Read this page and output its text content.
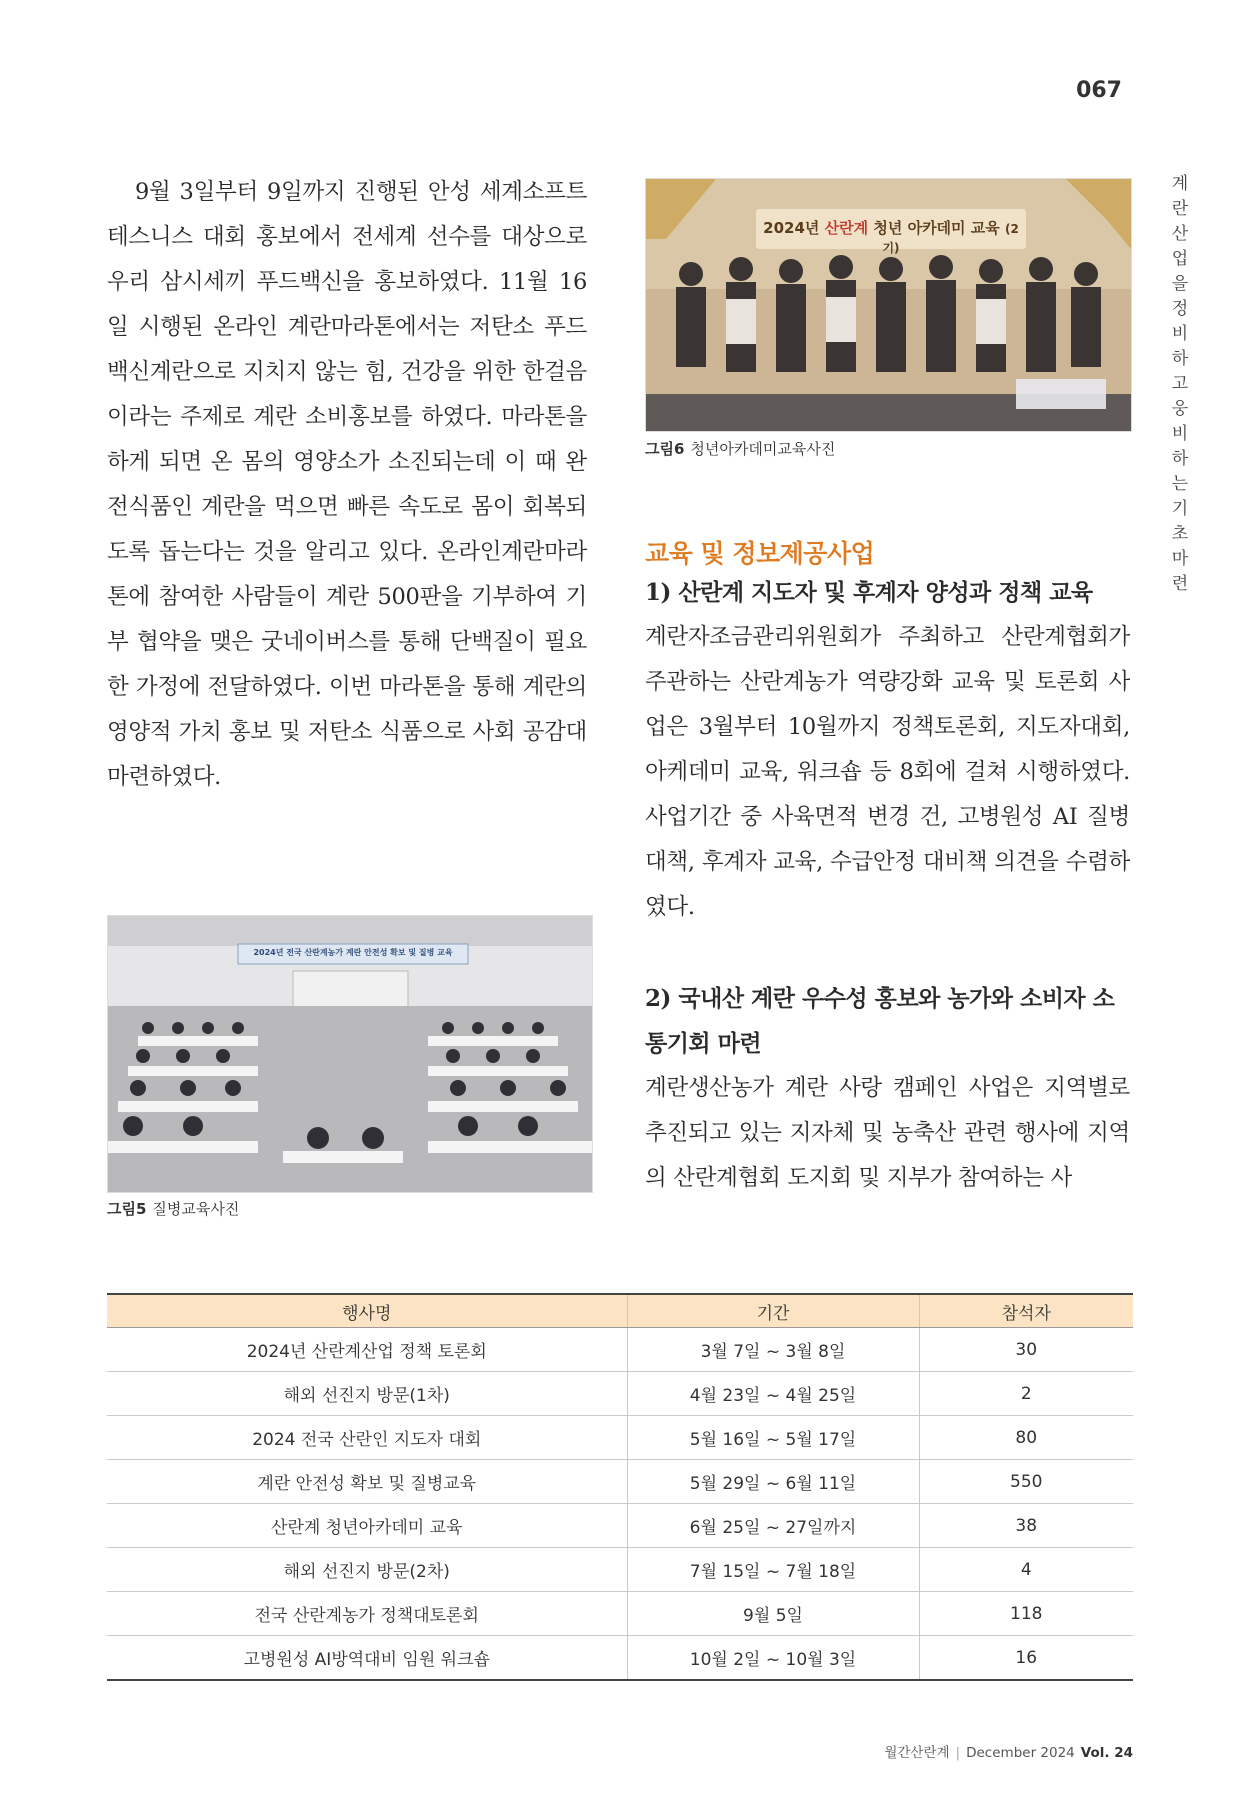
067
계란산업을 정비하고 웅비하는 기초 마련

9월 3일부터 9일까지 진행된 안성 세계소프트테스니스 대회 홍보에서 전세계 선수를 대상으로 우리 삼시세끼 푸드백신을 홍보하였다. 11월 16일 시행된 온라인 계란마라톤에서는 저탄소 푸드백신계란으로 지치지 않는 힘, 건강을 위한 한걸음이라는 주제로 계란 소비홍보를 하였다. 마라톤을 하게 되면 온 몸의 영양소가 소진되는데 이 때 완전식품인 계란을 먹으면 빠른 속도로 몸이 회복되도록 돕는다는 것을 알리고 있다. 온라인계란마라톤에 참여한 사람들이 계란 500판을 기부하여 기부 협약을 맺은 굿네이버스를 통해 단백질이 필요한 가정에 전달하였다. 이번 마라톤을 통해 계란의 영양적 가치 홍보 및 저탄소 식품으로 사회 공감대 마련하였다.

2024년 산란계 청년 아카데미 교육 (2기)
그림6 청년아카데미교육사진
교육 및 정보제공사업

1) 산란계 지도자 및 후계자 양성과 정책 교육

계란자조금관리위원회가 주최하고 산란계협회가 주관하는 산란계농가 역량강화 교육 및 토론회 사업은 3월부터 10월까지 정책토론회, 지도자대회, 아케데미 교육, 워크숍 등 8회에 걸쳐 시행하였다. 사업기간 중 사육면적 변경 건, 고병원성 AI 질병 대책, 후계자 교육, 수급안정 대비책 의견을 수렴하였다.

2) 국내산 계란 우수성 홍보와 농가와 소비자 소통기회 마련

계란생산농가 계란 사랑 캠페인 사업은 지역별로 추진되고 있는 지자체 및 농축산 관련 행사에 지역의 산란계협회 도지회 및 지부가 참여하는 사

2024년 전국 산란계농가 계란 안전성 확보 및 질병 교육
그림5 질병교육사진
행사명	기간	참석자
2024년 산란계산업 정책 토론회	3월 7일 ~ 3월 8일	30
해외 선진지 방문(1차)	4월 23일 ~ 4월 25일	2
2024 전국 산란인 지도자 대회	5월 16일 ~ 5월 17일	80
계란 안전성 확보 및 질병교육	5월 29일 ~ 6월 11일	550
산란계 청년아카데미 교육	6월 25일 ~ 27일까지	38
해외 선진지 방문(2차)	7월 15일 ~ 7월 18일	4
전국 산란계농가 정책대토론회	9월 5일	118
고병원성 AI방역대비 임원 워크숍	10월 2일 ~ 10월 3일	16
월간산란계 | December 2024 Vol. 24
